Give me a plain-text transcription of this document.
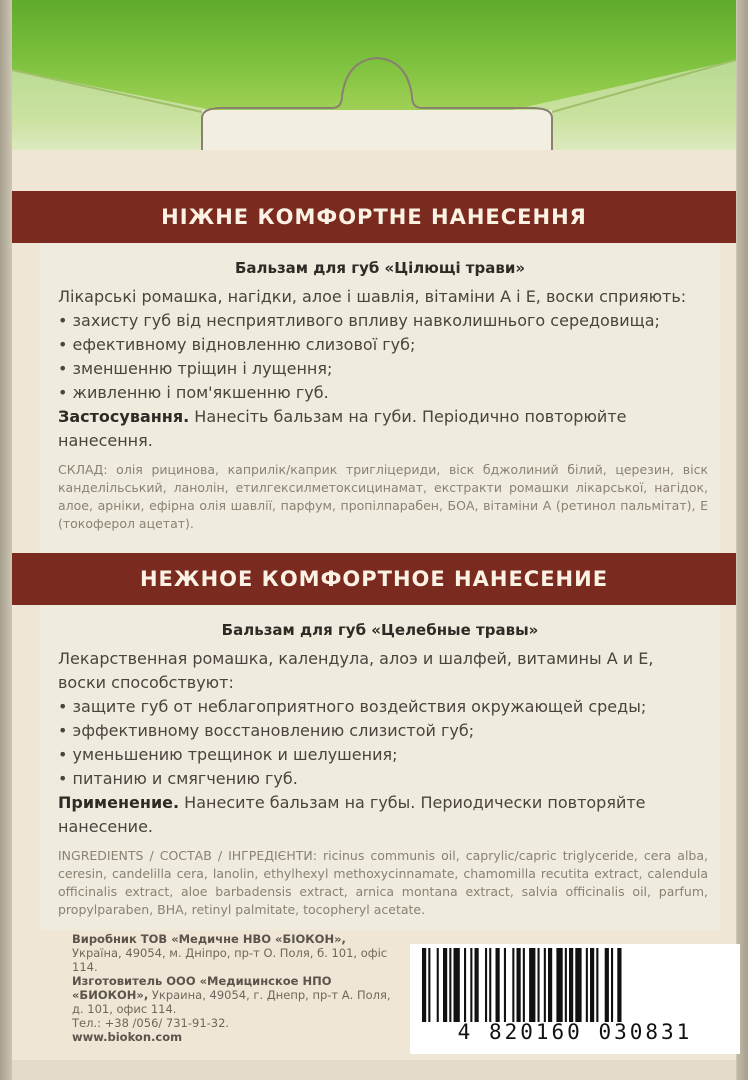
НІЖНЕ КОМФОРТНЕ НАНЕСЕННЯ
Бальзам для губ «Цілющі трави»
Лікарські ромашка, нагідки, алое і шавлія, вітаміни А і Е, воски сприяють:
• захисту губ від несприятливого впливу навколишнього середовища;
• ефективному відновленню слизової губ;
• зменшенню тріщин і лущення;
• живленню і пом'якшенню губ.
Застосування. Нанесіть бальзам на губи. Періодично повторюйте нанесення.
СКЛАД: олія рицинова, каприлік/каприк тригліцериди, віск бджолиний білий, церезин, віск канделільський, ланолін, етилгексилметоксицинамат, екстракти ромашки лікарської, нагідок, алое, арніки, ефірна олія шавлії, парфум, пропілпарабен, БОА, вітаміни А (ретинол пальмітат), Е (токоферол ацетат).
НЕЖНОЕ КОМФОРТНОЕ НАНЕСЕНИЕ
Бальзам для губ «Целебные травы»
Лекарственная ромашка, календула, алоэ и шалфей, витамины А и Е, воски способствуют:
• защите губ от неблагоприятного воздействия окружающей среды;
• эффективному восстановлению слизистой губ;
• уменьшению трещинок и шелушения;
• питанию и смягчению губ.
Применение. Нанесите бальзам на губы. Периодически повторяйте нанесение.
INGREDIENTS / СОСТАВ / ІНГРЕДІЄНТИ: ricinus communis oil, caprylic/capric triglyceride, cera alba, ceresin, candelilla cera, lanolin, ethylhexyl methoxycinnamate, chamomilla recutita extract, calendula officinalis extract, aloe barbadensis extract, arnica montana extract, salvia officinalis oil, parfum, propylparaben, BHA, retinyl palmitate, tocopheryl acetate.
Виробник ТОВ «Медичне НВО «БІОКОН», Україна, 49054, м. Дніпро, пр-т О. Поля, б. 101, офіс 114.
Изготовитель ООО «Медицинское НПО «БИОКОН», Украина, 49054, г. Днепр, пр-т А. Поля, д. 101, офис 114.
Тел.: +38 /056/ 731-91-32.
www.biokon.com	4 820160 030831
